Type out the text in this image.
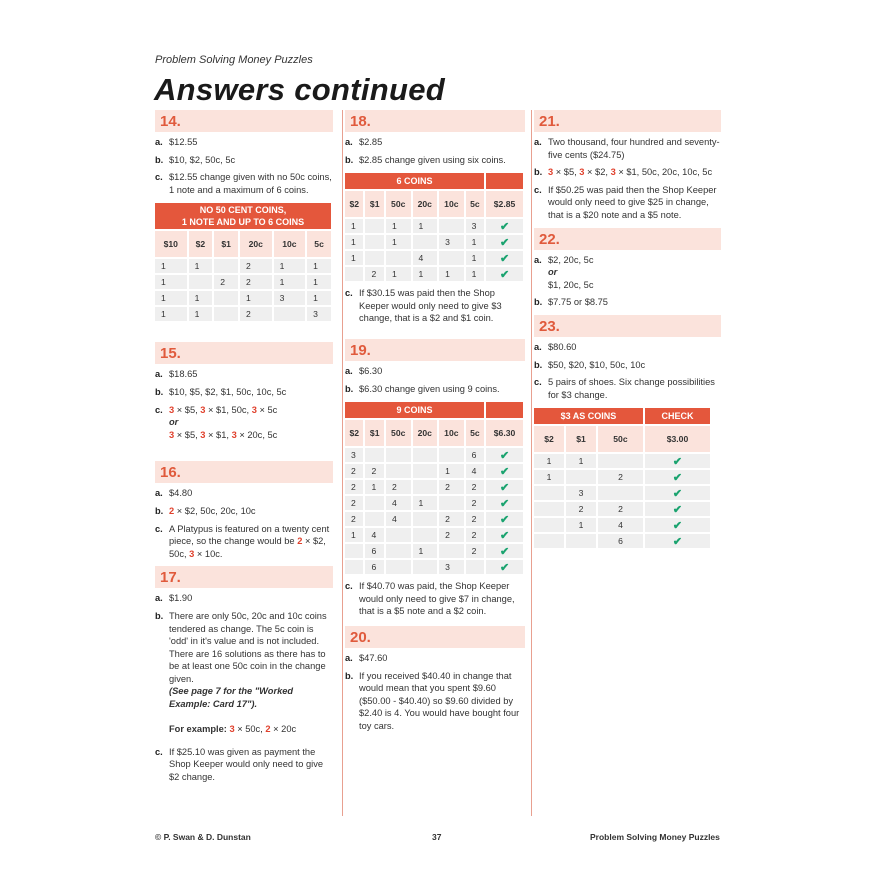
Problem Solving Money Puzzles
Answers continued
14.
a. $12.55
b. $10, $2, 50c, 5c
c. $12.55 change given with no 50c coins, 1 note and a maximum of 6 coins.
NO 50 CENT COINS,
1 NOTE AND UP TO 6 COINS					
$10	$2	$1	20c	10c	5c
1	1		2	1	1
1		2	2	1	1
1	1		1	3	1
1	1		2		3
15.
a. $18.65
b. $10, $5, $2, $1, 50c, 10c, 5c
c. 3 × $5, 3 × $1, 50c, 3 × 5c
or
3 × $5, 3 × $1, 3 × 20c, 5c
16.
a. $4.80
b. 2 × $2, 50c, 20c, 10c
c. A Platypus is featured on a twenty cent piece, so the change would be 2 × $2, 50c, 3 × 10c.
17.
a. $1.90
b. There are only 50c, 20c and 10c coins tendered as change. The 5c coin is 'odd' in it's value and is not included. There are 16 solutions as there has to be at least one 50c coin in the change given.
(See page 7 for the "Worked Example: Card 17").

For example: 3 × 50c, 2 × 20c
c. If $25.10 was given as payment the Shop Keeper would only need to give $2 change.
18.
a. $2.85
b. $2.85 change given using six coins.
6 COINS						
$2	$1	50c	20c	10c	5c	$2.85
1		1	1		3	✔
1		1		3	1	✔
1			4		1	✔
	2	1	1	1	1	✔
c. If $30.15 was paid then the Shop Keeper would only need to give $3 change, that is a $2 and $1 coin.
19.
a. $6.30
b. $6.30 change given using 9 coins.
9 COINS						
$2	$1	50c	20c	10c	5c	$6.30
3					6	✔
2	2			1	4	✔
2	1	2		2	2	✔
2		4	1		2	✔
2		4		2	2	✔
1	4			2	2	✔
	6		1		2	✔
	6			3		✔
c. If $40.70 was paid, the Shop Keeper would only need to give $7 in change, that is a $5 note and a $2 coin.
20.
a. $47.60
b. If you received $40.40 in change that would mean that you spent $9.60 ($50.00 - $40.40) so $9.60 divided by $2.40 is 4. You would have bought four toy cars.
21.
a. Two thousand, four hundred and seventy-five cents ($24.75)
b. 3 × $5, 3 × $2, 3 × $1, 50c, 20c, 10c, 5c
c. If $50.25 was paid then the Shop Keeper would only need to give $25 in change, that is a $20 note and a $5 note.
22.
a. $2, 20c, 5c
or
$1, 20c, 5c
b. $7.75 or $8.75
23.
a. $80.60
b. $50, $20, $10, 50c, 10c
c. 5 pairs of shoes. Six change possibilities for $3 change.
$3 AS COINS			CHECK
$2	$1	50c	$3.00
1	1		✔
1		2	✔
	3		✔
	2	2	✔
	1	4	✔
		6	✔
© P. Swan & D. Dunstan	37	Problem Solving Money Puzzles
